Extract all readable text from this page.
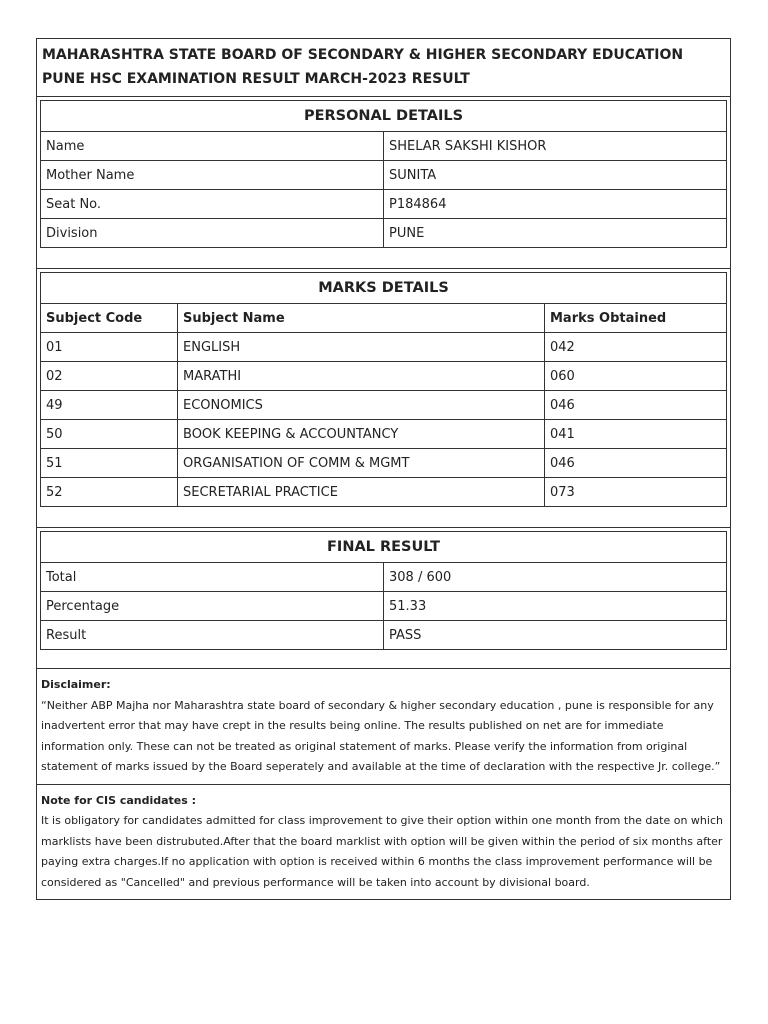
MAHARASHTRA STATE BOARD OF SECONDARY & HIGHER SECONDARY EDUCATION PUNE HSC EXAMINATION RESULT MARCH-2023 RESULT
PERSONAL DETAILS	
Name	SHELAR SAKSHI KISHOR
Mother Name	SUNITA
Seat No.	P184864
Division	PUNE
MARKS DETAILS		
Subject Code	Subject Name	Marks Obtained
01	ENGLISH	042
02	MARATHI	060
49	ECONOMICS	046
50	BOOK KEEPING & ACCOUNTANCY	041
51	ORGANISATION OF COMM & MGMT	046
52	SECRETARIAL PRACTICE	073
FINAL RESULT	
Total	308 / 600
Percentage	51.33
Result	PASS
Disclaimer:
“Neither ABP Majha nor Maharashtra state board of secondary & higher secondary education , pune is responsible for any inadvertent error that may have crept in the results being online. The results published on net are for immediate information only. These can not be treated as original statement of marks. Please verify the information from original statement of marks issued by the Board seperately and available at the time of declaration with the respective Jr. college.”
Note for CIS candidates :
It is obligatory for candidates admitted for class improvement to give their option within one month from the date on which marklists have been distrubuted.After that the board marklist with option will be given within the period of six months after paying extra charges.If no application with option is received within 6 months the class improvement performance will be considered as "Cancelled" and previous performance will be taken into account by divisional board.
